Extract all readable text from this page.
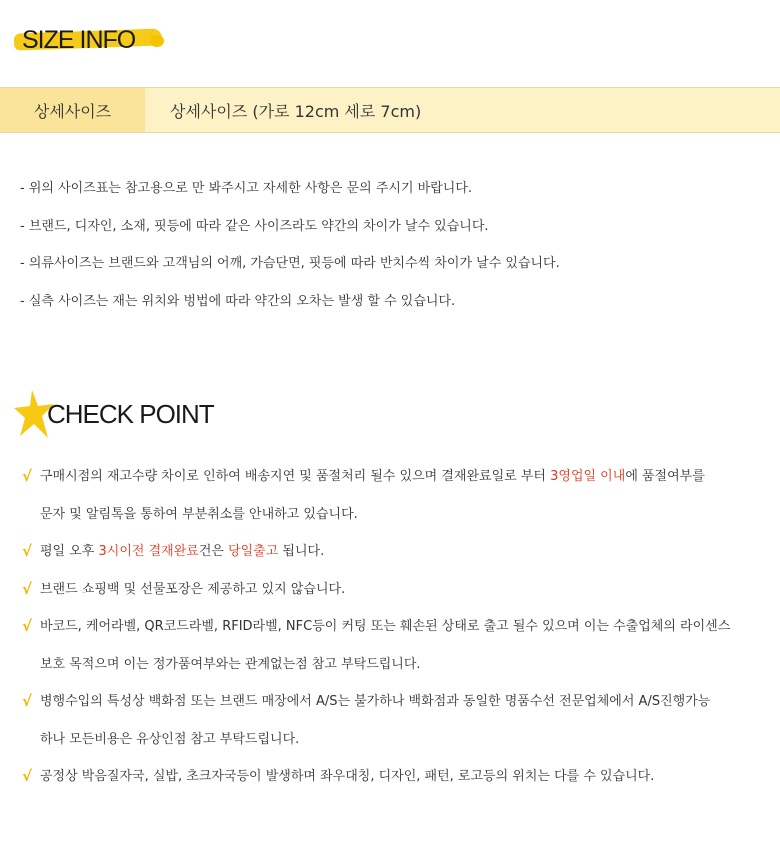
SIZE INFO
상세사이즈	상세사이즈 (가로 12cm 세로 7cm)
- 위의 사이즈표는 참고용으로 만 봐주시고 자세한 사항은 문의 주시기 바랍니다.
- 브랜드, 디자인, 소재, 핏등에 따라 같은 사이즈라도 약간의 차이가 날수 있습니다.
- 의류사이즈는 브랜드와 고객님의 어깨, 가슴단면, 핏등에 따라 반치수씩 차이가 날수 있습니다.
- 실측 사이즈는 재는 위치와 벙법에 따라 약간의 오차는 발생 할 수 있습니다.
CHECK POINT
√ 구매시점의 재고수량 차이로 인하여 배송지연 및 품절처리 될수 있으며 결재완료일로 부터 3영업일 이내에 품절여부를
문자 및 알림톡을 통하여 부분취소를 안내하고 있습니다.
√ 평일 오후 3시이전 결재완료건은 당일출고 됩니다.
√ 브랜드 쇼핑백 및 선물포장은 제공하고 있지 않습니다.
√ 바코드, 케어라벨, QR코드라벨, RFID라벨, NFC등이 커팅 또는 훼손된 상태로 출고 될수 있으며 이는 수출업체의 라이센스
보호 목적으며 이는 정가품여부와는 관계없는점 참고 부탁드립니다.
√ 병행수입의 특성상 백화점 또는 브랜드 매장에서 A/S는 불가하나 백화점과 동일한 명품수선 전문업체에서 A/S진행가능
하나 모든비용은 유상인점 참고 부탁드립니다.
√ 공정상 박음질자국, 실밥, 초크자국등이 발생하며 좌우대칭, 디자인, 패턴, 로고등의 위치는 다를 수 있습니다.
